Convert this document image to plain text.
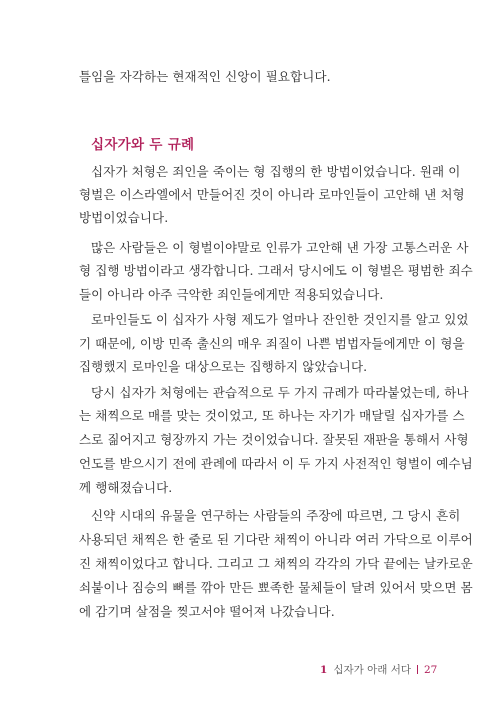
틀임을 자각하는 현재적인 신앙이 필요합니다.
십자가와 두 규례
십자가 처형은 죄인을 죽이는 형 집행의 한 방법이었습니다. 원래 이
형벌은 이스라엘에서 만들어진 것이 아니라 로마인들이 고안해 낸 처형
방법이었습니다.
많은 사람들은 이 형벌이야말로 인류가 고안해 낸 가장 고통스러운 사
형 집행 방법이라고 생각합니다. 그래서 당시에도 이 형벌은 평범한 죄수
들이 아니라 아주 극악한 죄인들에게만 적용되었습니다.
로마인들도 이 십자가 사형 제도가 얼마나 잔인한 것인지를 알고 있었
기 때문에, 이방 민족 출신의 매우 죄질이 나쁜 범법자들에게만 이 형을
집행했지 로마인을 대상으로는 집행하지 않았습니다.
당시 십자가 처형에는 관습적으로 두 가지 규례가 따라붙었는데, 하나
는 채찍으로 매를 맞는 것이었고, 또 하나는 자기가 매달릴 십자가를 스
스로 짊어지고 형장까지 가는 것이었습니다. 잘못된 재판을 통해서 사형
언도를 받으시기 전에 관례에 따라서 이 두 가지 사전적인 형벌이 예수님
께 행해졌습니다.
신약 시대의 유물을 연구하는 사람들의 주장에 따르면, 그 당시 흔히
사용되던 채찍은 한 줄로 된 기다란 채찍이 아니라 여러 가닥으로 이루어
진 채찍이었다고 합니다. 그리고 그 채찍의 각각의 가닥 끝에는 날카로운
쇠붙이나 짐승의 뼈를 깎아 만든 뾰족한 물체들이 달려 있어서 맞으면 몸
에 감기며 살점을 찢고서야 떨어져 나갔습니다.
1 십자가 아래 서다 27
